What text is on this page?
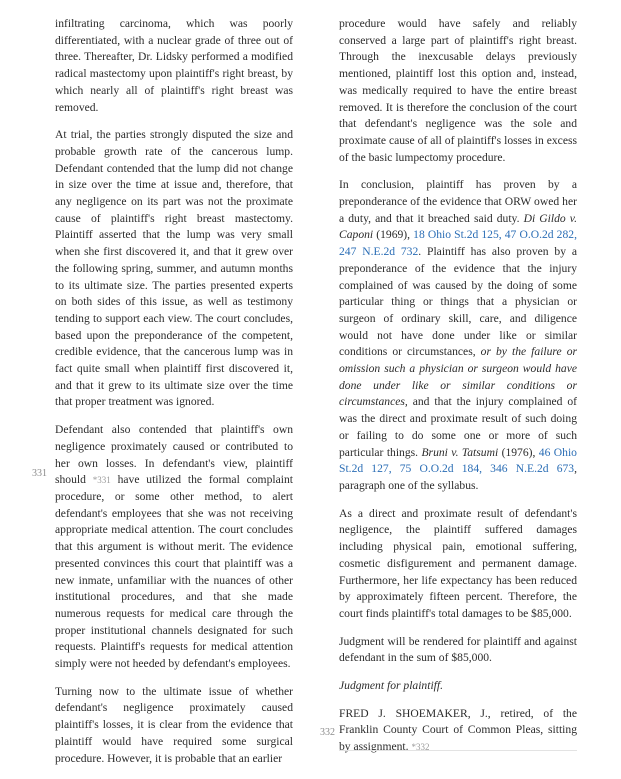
331
332

infiltrating carcinoma, which was poorly differentiated, with a nuclear grade of three out of three. Thereafter, Dr. Lidsky performed a modified radical mastectomy upon plaintiff's right breast, by which nearly all of plaintiff's right breast was removed.

At trial, the parties strongly disputed the size and probable growth rate of the cancerous lump. Defendant contended that the lump did not change in size over the time at issue and, therefore, that any negligence on its part was not the proximate cause of plaintiff's right breast mastectomy. Plaintiff asserted that the lump was very small when she first discovered it, and that it grew over the following spring, summer, and autumn months to its ultimate size. The parties presented experts on both sides of this issue, as well as testimony tending to support each view. The court concludes, based upon the preponderance of the competent, credible evidence, that the cancerous lump was in fact quite small when plaintiff first discovered it, and that it grew to its ultimate size over the time that proper treatment was ignored.

Defendant also contended that plaintiff's own negligence proximately caused or contributed to her own losses. In defendant's view, plaintiff should *331 have utilized the formal complaint procedure, or some other method, to alert defendant's employees that she was not receiving appropriate medical attention. The court concludes that this argument is without merit. The evidence presented convinces this court that plaintiff was a new inmate, unfamiliar with the nuances of other institutional procedures, and that she made numerous requests for medical care through the proper institutional channels designated for such requests. Plaintiff's requests for medical attention simply were not heeded by defendant's employees.

Turning now to the ultimate issue of whether defendant's negligence proximately caused plaintiff's losses, it is clear from the evidence that plaintiff would have required some surgical procedure. However, it is probable that an earlier

procedure would have safely and reliably conserved a large part of plaintiff's right breast. Through the inexcusable delays previously mentioned, plaintiff lost this option and, instead, was medically required to have the entire breast removed. It is therefore the conclusion of the court that defendant's negligence was the sole and proximate cause of all of plaintiff's losses in excess of the basic lumpectomy procedure.

In conclusion, plaintiff has proven by a preponderance of the evidence that ORW owed her a duty, and that it breached said duty. Di Gildo v. Caponi (1969), 18 Ohio St.2d 125, 47 O.O.2d 282, 247 N.E.2d 732. Plaintiff has also proven by a preponderance of the evidence that the injury complained of was caused by the doing of some particular thing or things that a physician or surgeon of ordinary skill, care, and diligence would not have done under like or similar conditions or circumstances, or by the failure or omission such a physician or surgeon would have done under like or similar conditions or circumstances, and that the injury complained of was the direct and proximate result of such doing or failing to do some one or more of such particular things. Bruni v. Tatsumi (1976), 46 Ohio St.2d 127, 75 O.O.2d 184, 346 N.E.2d 673, paragraph one of the syllabus.

As a direct and proximate result of defendant's negligence, the plaintiff suffered damages including physical pain, emotional suffering, cosmetic disfigurement and permanent damage. Furthermore, her life expectancy has been reduced by approximately fifteen percent. Therefore, the court finds plaintiff's total damages to be $85,000.

Judgment will be rendered for plaintiff and against defendant in the sum of $85,000.

Judgment for plaintiff.

FRED J. SHOEMAKER, J., retired, of the Franklin County Court of Common Pleas, sitting by assignment. *332
